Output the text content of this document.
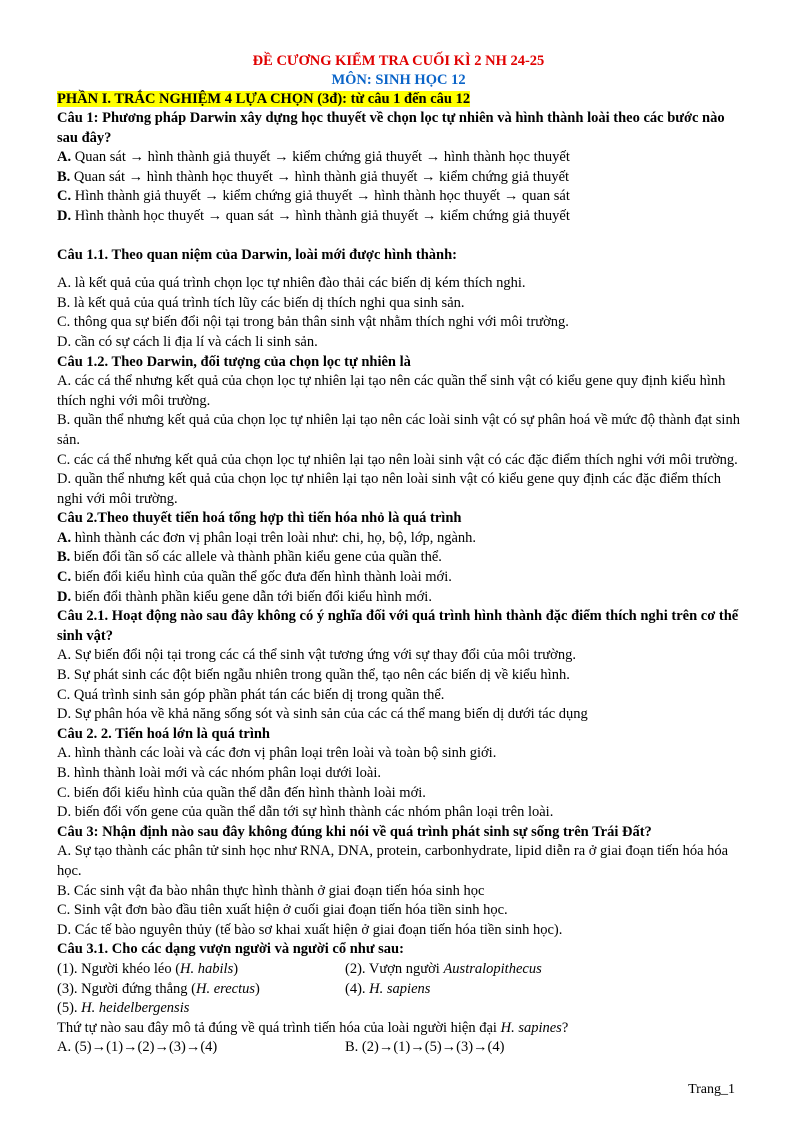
ĐỀ CƯƠNG KIỂM TRA CUỐI KÌ 2 NH 24-25
MÔN: SINH HỌC 12
PHẦN I. TRẮC NGHIỆM 4 LỰA CHỌN (3đ): từ câu 1 đến câu 12
Câu 1: Phương pháp Darwin xây dựng học thuyết về chọn lọc tự nhiên và hình thành loài theo các bước nào sau đây?
A. Quan sát → hình thành giả thuyết → kiểm chứng giả thuyết → hình thành học thuyết
B. Quan sát → hình thành học thuyết → hình thành giả thuyết → kiểm chứng giả thuyết
C. Hình thành giả thuyết → kiểm chứng giả thuyết → hình thành học thuyết → quan sát
D. Hình thành học thuyết → quan sát → hình thành giả thuyết → kiểm chứng giả thuyết
Câu 1.1. Theo quan niệm của Darwin, loài mới được hình thành:
A. là kết quả của quá trình chọn lọc tự nhiên đào thải các biến dị kém thích nghi.
B. là kết quả của quá trình tích lũy các biến dị thích nghi qua sinh sản.
C. thông qua sự biến đổi nội tại trong bản thân sinh vật nhằm thích nghi với môi trường.
D. cần có sự cách li địa lí và cách li sinh sản.
Câu 1.2. Theo Darwin, đối tượng của chọn lọc tự nhiên là
A. các cá thể nhưng kết quả của chọn lọc tự nhiên lại tạo nên các quần thể sinh vật có kiểu gene quy định kiểu hình thích nghi với môi trường.
B. quần thể nhưng kết quả của chọn lọc tự nhiên lại tạo nên các loài sinh vật có sự phân hoá về mức độ thành đạt sinh sản.
C. các cá thể nhưng kết quả của chọn lọc tự nhiên lại tạo nên loài sinh vật có các đặc điểm thích nghi với môi trường.
D. quần thể nhưng kết quả của chọn lọc tự nhiên lại tạo nên loài sinh vật có kiểu gene quy định các đặc điểm thích nghi với môi trường.
Câu 2.Theo thuyết tiến hoá tổng hợp thì tiến hóa nhỏ là quá trình
A. hình thành các đơn vị phân loại trên loài như: chi, họ, bộ, lớp, ngành.
B. biến đổi tần số các allele và thành phần kiểu gene của quần thể.
C. biến đổi kiểu hình của quần thể gốc đưa đến hình thành loài mới.
D. biến đổi thành phần kiểu gene dẫn tới biến đổi kiểu hình mới.
Câu 2.1. Hoạt động nào sau đây không có ý nghĩa đối với quá trình hình thành đặc điểm thích nghi trên cơ thể sinh vật?
A. Sự biến đổi nội tại trong các cá thể sinh vật tương ứng với sự thay đổi của môi trường.
B. Sự phát sinh các đột biến ngẫu nhiên trong quần thể, tạo nên các biến dị về kiểu hình.
C. Quá trình sinh sản góp phần phát tán các biến dị trong quần thể.
D. Sự phân hóa về khả năng sống sót và sinh sản của các cá thể mang biến dị dưới tác dụng
Câu 2. 2. Tiến hoá lớn là quá trình
A. hình thành các loài và các đơn vị phân loại trên loài và toàn bộ sinh giới.
B. hình thành loài mới và các nhóm phân loại dưới loài.
C. biến đổi kiểu hình của quần thể dẫn đến hình thành loài mới.
D. biến đổi vốn gene của quần thể dẫn tới sự hình thành các nhóm phân loại trên loài.
Câu 3: Nhận định nào sau đây không đúng khi nói về quá trình phát sinh sự sống trên Trái Đất?
A. Sự tạo thành các phân tử sinh học như RNA, DNA, protein, carbonhydrate, lipid diễn ra ở giai đoạn tiến hóa hóa học.
B. Các sinh vật đa bào nhân thực hình thành ở giai đoạn tiến hóa sinh học
C. Sinh vật đơn bào đầu tiên xuất hiện ở cuối giai đoạn tiến hóa tiền sinh học.
D. Các tế bào nguyên thủy (tế bào sơ khai xuất hiện ở giai đoạn tiến hóa tiền sinh học).
Câu 3.1. Cho các dạng vượn người và người cổ như sau:
(1). Người khéo léo (H. habils)	(2). Vượn người Australopithecus
(3). Người đứng thẳng (H. erectus)	(4). H. sapiens
(5). H. heidelbergensis
Thứ tự nào sau đây mô tả đúng về quá trình tiến hóa của loài người hiện đại H. sapines?
A. (5)→(1)→(2)→(3)→(4)	B. (2)→(1)→(5)→(3)→(4)
Trang_1
